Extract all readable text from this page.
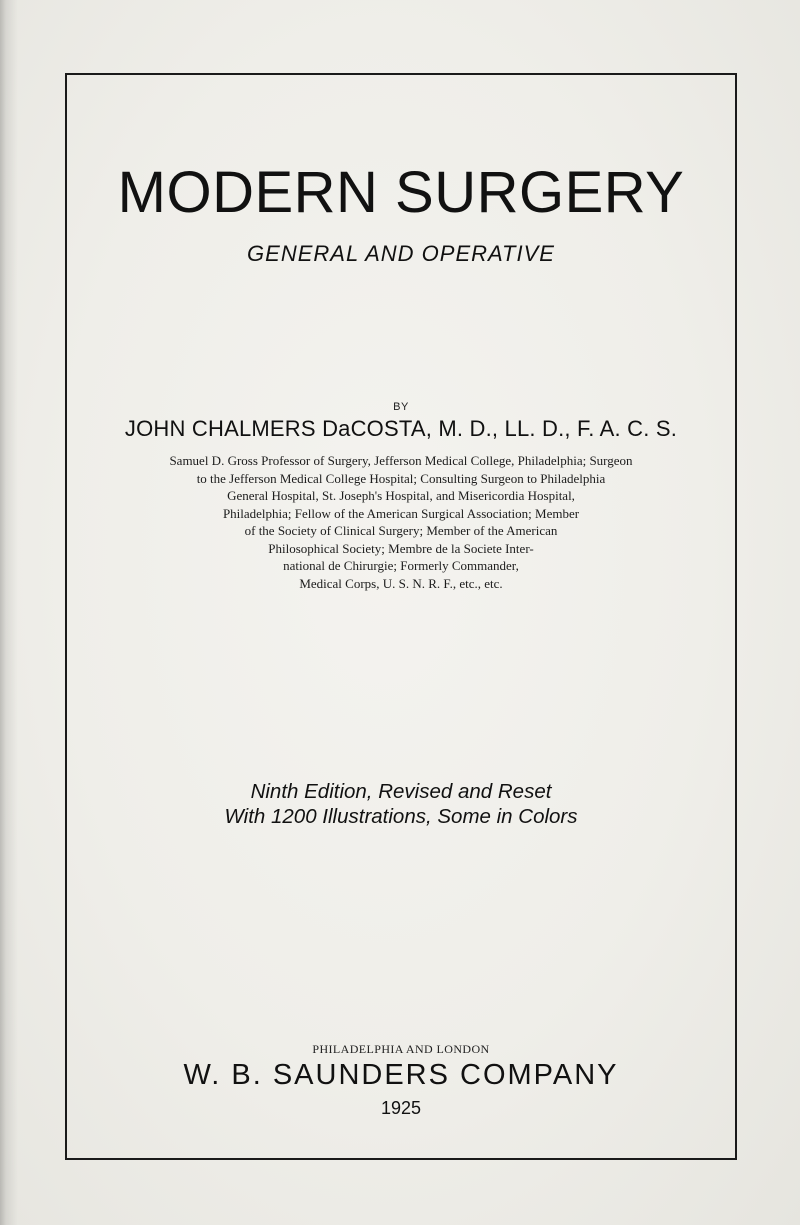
MODERN SURGERY
GENERAL AND OPERATIVE
BY
JOHN CHALMERS DaCOSTA, M. D., LL. D., F. A. C. S.
Samuel D. Gross Professor of Surgery, Jefferson Medical College, Philadelphia; Surgeon
to the Jefferson Medical College Hospital; Consulting Surgeon to Philadelphia
General Hospital, St. Joseph's Hospital, and Misericordia Hospital,
Philadelphia; Fellow of the American Surgical Association; Member
of the Society of Clinical Surgery; Member of the American
Philosophical Society; Membre de la Societe Inter-
national de Chirurgie; Formerly Commander,
Medical Corps, U. S. N. R. F., etc., etc.
Ninth Edition, Revised and Reset
With 1200 Illustrations, Some in Colors
PHILADELPHIA AND LONDON
W. B. SAUNDERS COMPANY
1925
